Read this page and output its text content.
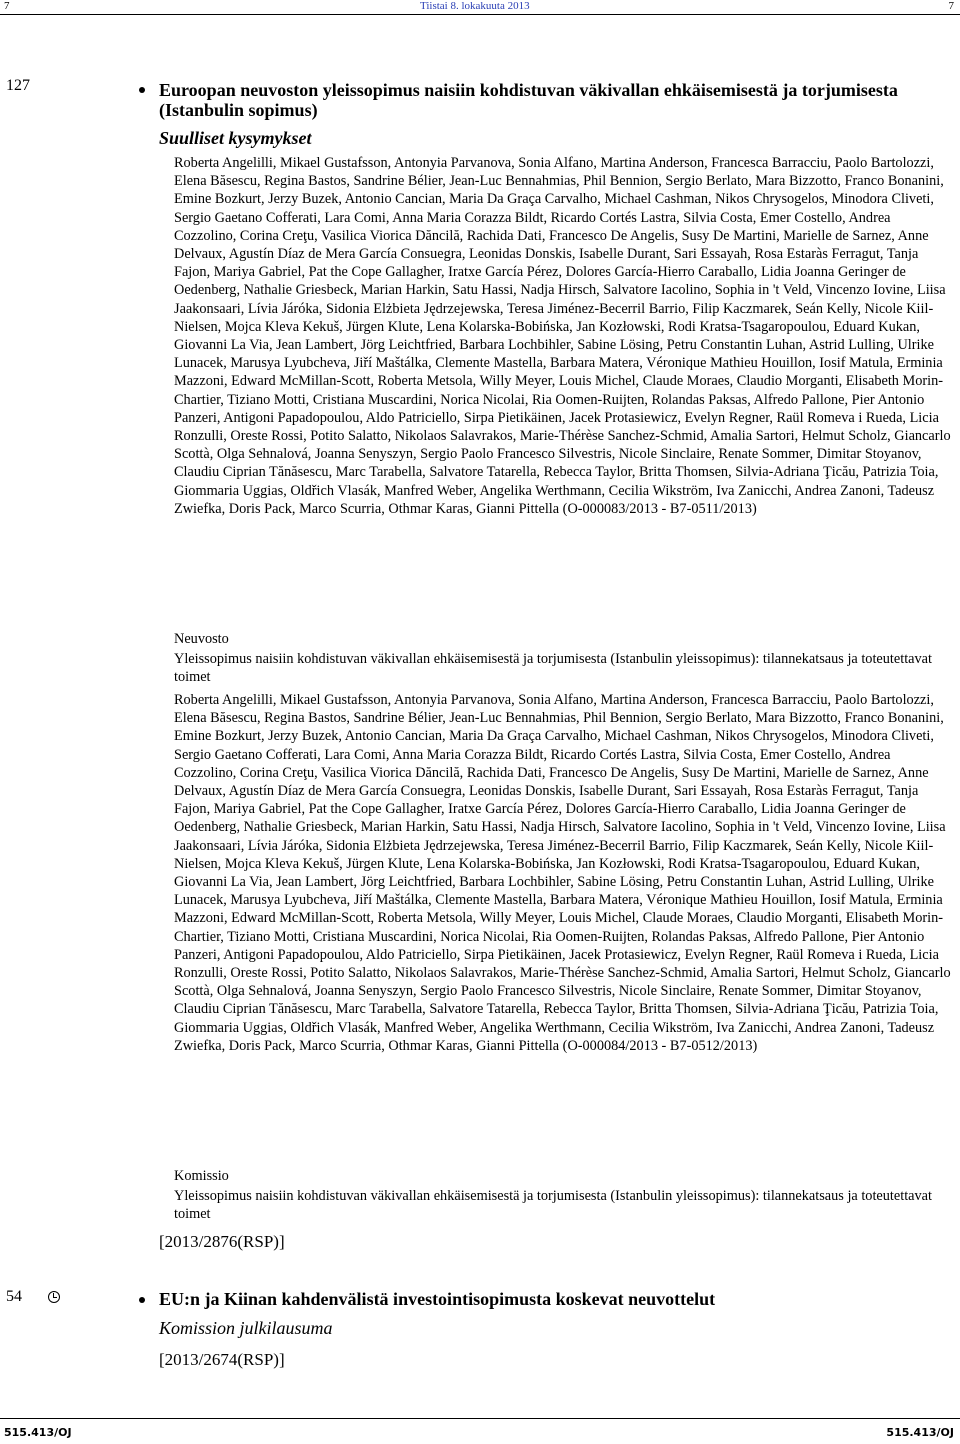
7	Tiistai 8. lokakuuta 2013	7
127	Euroopan neuvoston yleissopimus naisiin kohdistuvan väkivallan ehkäisemisestä ja torjumisesta (Istanbulin sopimus)
Suulliset kysymykset
Roberta Angelilli, Mikael Gustafsson, Antonyia Parvanova, Sonia Alfano, Martina Anderson, Francesca Barracciu, Paolo Bartolozzi, Elena Băsescu, Regina Bastos, Sandrine Bélier, Jean-Luc Bennahmias, Phil Bennion, Sergio Berlato, Mara Bizzotto, Franco Bonanini, Emine Bozkurt, Jerzy Buzek, Antonio Cancian, Maria Da Graça Carvalho, Michael Cashman, Nikos Chrysogelos, Minodora Cliveti, Sergio Gaetano Cofferati, Lara Comi, Anna Maria Corazza Bildt, Ricardo Cortés Lastra, Silvia Costa, Emer Costello, Andrea Cozzolino, Corina Creţu, Vasilica Viorica Dăncilă, Rachida Dati, Francesco De Angelis, Susy De Martini, Marielle de Sarnez, Anne Delvaux, Agustín Díaz de Mera García Consuegra, Leonidas Donskis, Isabelle Durant, Sari Essayah, Rosa Estaràs Ferragut, Tanja Fajon, Mariya Gabriel, Pat the Cope Gallagher, Iratxe García Pérez, Dolores García-Hierro Caraballo, Lidia Joanna Geringer de Oedenberg, Nathalie Griesbeck, Marian Harkin, Satu Hassi, Nadja Hirsch, Salvatore Iacolino, Sophia in 't Veld, Vincenzo Iovine, Liisa Jaakonsaari, Lívia Járóka, Sidonia Elżbieta Jędrzejewska, Teresa Jiménez-Becerril Barrio, Filip Kaczmarek, Seán Kelly, Nicole Kiil-Nielsen, Mojca Kleva Kekuš, Jürgen Klute, Lena Kolarska-Bobińska, Jan Kozłowski, Rodi Kratsa-Tsagaropoulou, Eduard Kukan, Giovanni La Via, Jean Lambert, Jörg Leichtfried, Barbara Lochbihler, Sabine Lösing, Petru Constantin Luhan, Astrid Lulling, Ulrike Lunacek, Marusya Lyubcheva, Jiří Maštálka, Clemente Mastella, Barbara Matera, Véronique Mathieu Houillon, Iosif Matula, Erminia Mazzoni, Edward McMillan-Scott, Roberta Metsola, Willy Meyer, Louis Michel, Claude Moraes, Claudio Morganti, Elisabeth Morin-Chartier, Tiziano Motti, Cristiana Muscardini, Norica Nicolai, Ria Oomen-Ruijten, Rolandas Paksas, Alfredo Pallone, Pier Antonio Panzeri, Antigoni Papadopoulou, Aldo Patriciello, Sirpa Pietikäinen, Jacek Protasiewicz, Evelyn Regner, Raül Romeva i Rueda, Licia Ronzulli, Oreste Rossi, Potito Salatto, Nikolaos Salavrakos, Marie-Thérèse Sanchez-Schmid, Amalia Sartori, Helmut Scholz, Giancarlo Scottà, Olga Sehnalová, Joanna Senyszyn, Sergio Paolo Francesco Silvestris, Nicole Sinclaire, Renate Sommer, Dimitar Stoyanov, Claudiu Ciprian Tănăsescu, Marc Tarabella, Salvatore Tatarella, Rebecca Taylor, Britta Thomsen, Silvia-Adriana Ţicău, Patrizia Toia, Giommaria Uggias, Oldřich Vlasák, Manfred Weber, Angelika Werthmann, Cecilia Wikström, Iva Zanicchi, Andrea Zanoni, Tadeusz Zwiefka, Doris Pack, Marco Scurria, Othmar Karas, Gianni Pittella (O-000083/2013 - B7-0511/2013)
Neuvosto
Yleissopimus naisiin kohdistuvan väkivallan ehkäisemisestä ja torjumisesta (Istanbulin yleissopimus): tilannekatsaus ja toteutettavat toimet
Roberta Angelilli, Mikael Gustafsson, Antonyia Parvanova, Sonia Alfano, Martina Anderson, Francesca Barracciu, Paolo Bartolozzi, Elena Băsescu, Regina Bastos, Sandrine Bélier, Jean-Luc Bennahmias, Phil Bennion, Sergio Berlato, Mara Bizzotto, Franco Bonanini, Emine Bozkurt, Jerzy Buzek, Antonio Cancian, Maria Da Graça Carvalho, Michael Cashman, Nikos Chrysogelos, Minodora Cliveti, Sergio Gaetano Cofferati, Lara Comi, Anna Maria Corazza Bildt, Ricardo Cortés Lastra, Silvia Costa, Emer Costello, Andrea Cozzolino, Corina Creţu, Vasilica Viorica Dăncilă, Rachida Dati, Francesco De Angelis, Susy De Martini, Marielle de Sarnez, Anne Delvaux, Agustín Díaz de Mera García Consuegra, Leonidas Donskis, Isabelle Durant, Sari Essayah, Rosa Estaràs Ferragut, Tanja Fajon, Mariya Gabriel, Pat the Cope Gallagher, Iratxe García Pérez, Dolores García-Hierro Caraballo, Lidia Joanna Geringer de Oedenberg, Nathalie Griesbeck, Marian Harkin, Satu Hassi, Nadja Hirsch, Salvatore Iacolino, Sophia in 't Veld, Vincenzo Iovine, Liisa Jaakonsaari, Lívia Járóka, Sidonia Elżbieta Jędrzejewska, Teresa Jiménez-Becerril Barrio, Filip Kaczmarek, Seán Kelly, Nicole Kiil-Nielsen, Mojca Kleva Kekuš, Jürgen Klute, Lena Kolarska-Bobińska, Jan Kozłowski, Rodi Kratsa-Tsagaropoulou, Eduard Kukan, Giovanni La Via, Jean Lambert, Jörg Leichtfried, Barbara Lochbihler, Sabine Lösing, Petru Constantin Luhan, Astrid Lulling, Ulrike Lunacek, Marusya Lyubcheva, Jiří Maštálka, Clemente Mastella, Barbara Matera, Véronique Mathieu Houillon, Iosif Matula, Erminia Mazzoni, Edward McMillan-Scott, Roberta Metsola, Willy Meyer, Louis Michel, Claude Moraes, Claudio Morganti, Elisabeth Morin-Chartier, Tiziano Motti, Cristiana Muscardini, Norica Nicolai, Ria Oomen-Ruijten, Rolandas Paksas, Alfredo Pallone, Pier Antonio Panzeri, Antigoni Papadopoulou, Aldo Patriciello, Sirpa Pietikäinen, Jacek Protasiewicz, Evelyn Regner, Raül Romeva i Rueda, Licia Ronzulli, Oreste Rossi, Potito Salatto, Nikolaos Salavrakos, Marie-Thérèse Sanchez-Schmid, Amalia Sartori, Helmut Scholz, Giancarlo Scottà, Olga Sehnalová, Joanna Senyszyn, Sergio Paolo Francesco Silvestris, Nicole Sinclaire, Renate Sommer, Dimitar Stoyanov, Claudiu Ciprian Tănăsescu, Marc Tarabella, Salvatore Tatarella, Rebecca Taylor, Britta Thomsen, Silvia-Adriana Ţicău, Patrizia Toia, Giommaria Uggias, Oldřich Vlasák, Manfred Weber, Angelika Werthmann, Cecilia Wikström, Iva Zanicchi, Andrea Zanoni, Tadeusz Zwiefka, Doris Pack, Marco Scurria, Othmar Karas, Gianni Pittella (O-000084/2013 - B7-0512/2013)
Komissio
Yleissopimus naisiin kohdistuvan väkivallan ehkäisemisestä ja torjumisesta (Istanbulin yleissopimus): tilannekatsaus ja toteutettavat toimet
[2013/2876(RSP)]
54	EU:n ja Kiinan kahdenvälistä investointisopimusta koskevat neuvottelut
Komission julkilausuma
[2013/2674(RSP)]
515.413/OJ	515.413/OJ
